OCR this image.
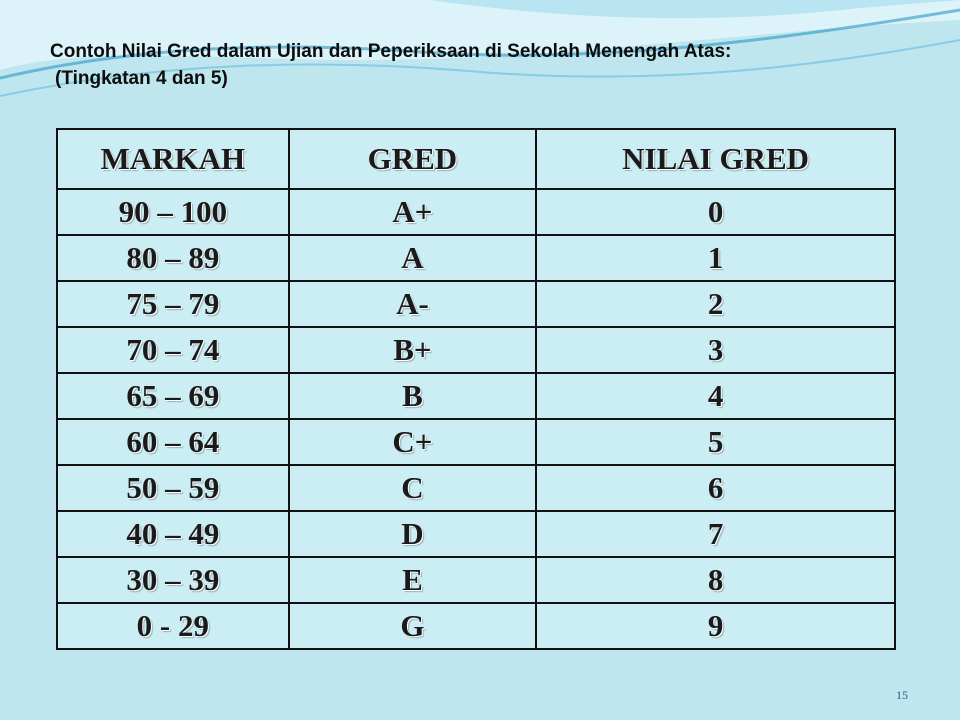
Contoh Nilai Gred dalam Ujian dan Peperiksaan di Sekolah Menengah Atas:
(Tingkatan 4 dan 5)
MARKAH	GRED	NILAI GRED
90 – 100	A+	0
80 – 89	A	1
75 – 79	A-	2
70 – 74	B+	3
65 – 69	B	4
60 – 64	C+	5
50 – 59	C	6
40 – 49	D	7
30 – 39	E	8
0 - 29	G	9
15
